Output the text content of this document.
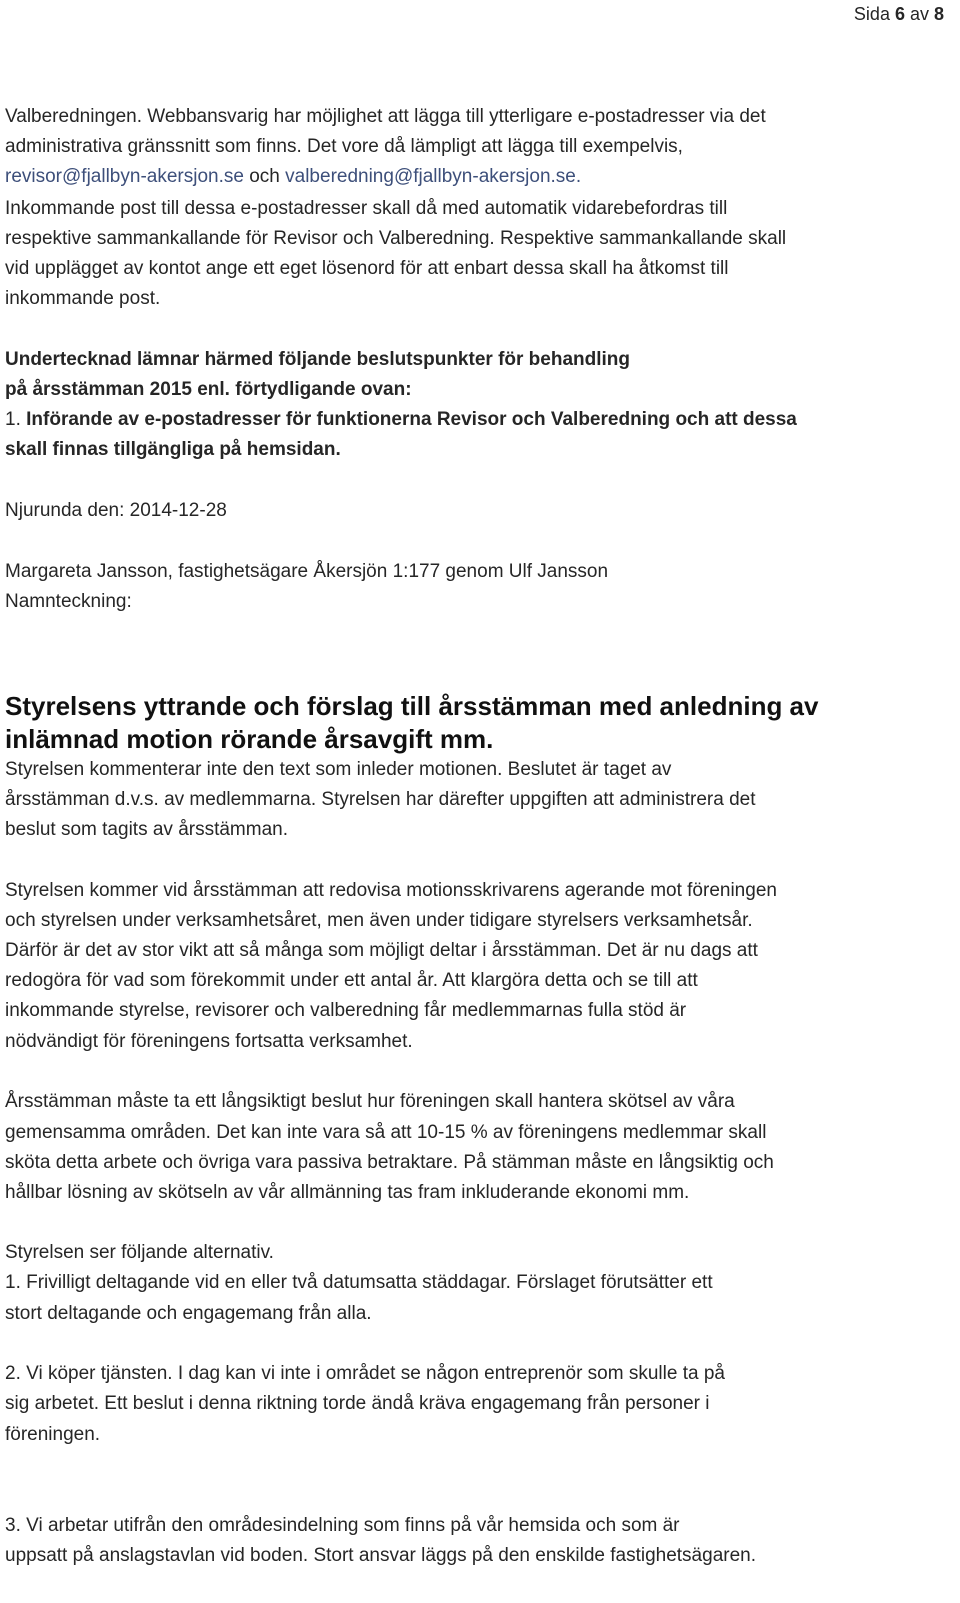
Sida 6 av 8
Valberedningen. Webbansvarig har möjlighet att lägga till ytterligare e-postadresser via det
administrativa gränssnitt som finns. Det vore då lämpligt att lägga till exempelvis,
revisor@fjallbyn-akersjon.se och valberedning@fjallbyn-akersjon.se.
Inkommande post till dessa e-postadresser skall då med automatik vidarebefordras till
respektive sammankallande för Revisor och Valberedning. Respektive sammankallande skall
vid upplägget av kontot ange ett eget lösenord för att enbart dessa skall ha åtkomst till
inkommande post.
Undertecknad lämnar härmed följande beslutspunkter för behandling
på årsstämman 2015 enl. förtydligande ovan:
1. Införande av e-postadresser för funktionerna Revisor och Valberedning och att dessa
skall finnas tillgängliga på hemsidan.
Njurunda den: 2014-12-28
Margareta Jansson, fastighetsägare Åkersjön 1:177 genom Ulf Jansson
Namnteckning:
Styrelsens yttrande och förslag till årsstämman med anledning av
inlämnad motion rörande årsavgift mm.
Styrelsen kommenterar inte den text som inleder motionen. Beslutet är taget av
årsstämman d.v.s. av medlemmarna. Styrelsen har därefter uppgiften att administrera det
beslut som tagits av årsstämman.
Styrelsen kommer vid årsstämman att redovisa motionsskrivarens agerande mot föreningen
och styrelsen under verksamhetsåret, men även under tidigare styrelsers verksamhetsår.
Därför är det av stor vikt att så många som möjligt deltar i årsstämman. Det är nu dags att
redogöra för vad som förekommit under ett antal år. Att klargöra detta och se till att
inkommande styrelse, revisorer och valberedning får medlemmarnas fulla stöd är
nödvändigt för föreningens fortsatta verksamhet.
Årsstämman måste ta ett långsiktigt beslut hur föreningen skall hantera skötsel av våra
gemensamma områden. Det kan inte vara så att 10-15 % av föreningens medlemmar skall
sköta detta arbete och övriga vara passiva betraktare. På stämman måste en långsiktig och
hållbar lösning av skötseln av vår allmänning tas fram inkluderande ekonomi mm.
Styrelsen ser följande alternativ.
1. Frivilligt deltagande vid en eller två datumsatta städdagar. Förslaget förutsätter ett
stort deltagande och engagemang från alla.
2. Vi köper tjänsten. I dag kan vi inte i området se någon entreprenör som skulle ta på
sig arbetet. Ett beslut i denna riktning torde ändå kräva engagemang från personer i
föreningen.
3. Vi arbetar utifrån den områdesindelning som finns på vår hemsida och som är
uppsatt på anslagstavlan vid boden. Stort ansvar läggs på den enskilde fastighetsägaren.
